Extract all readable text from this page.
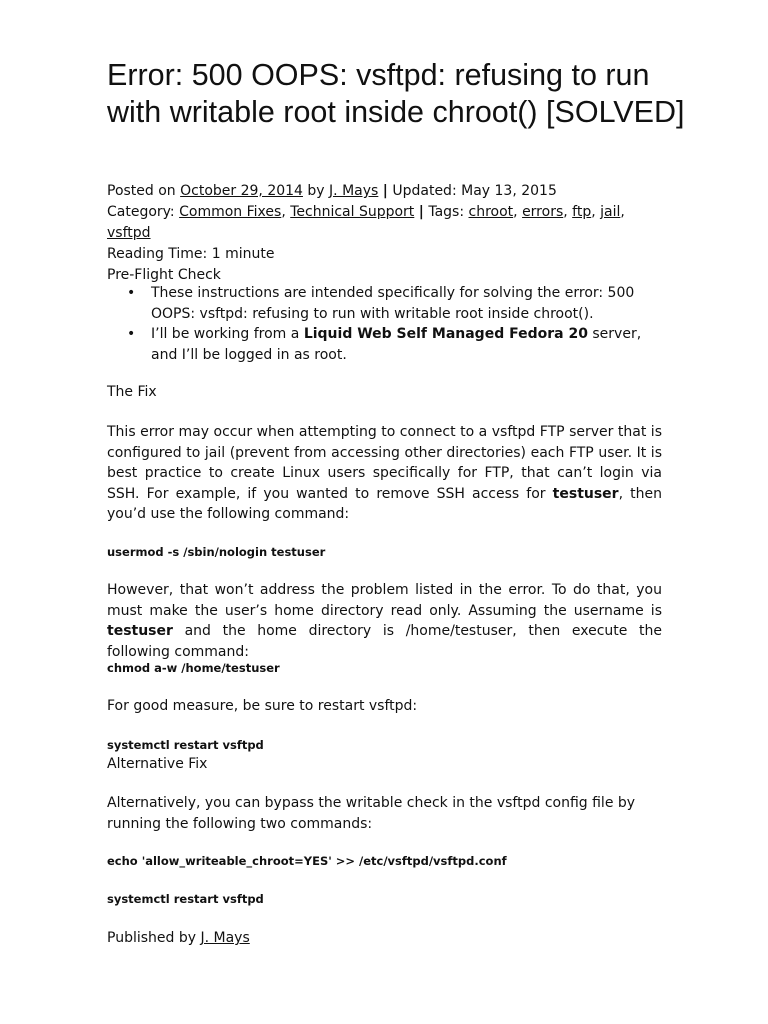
Error: 500 OOPS: vsftpd: refusing to run with writable root inside chroot() [SOLVED]
Posted on October 29, 2014 by J. Mays | Updated: May 13, 2015
Category: Common Fixes, Technical Support | Tags: chroot, errors, ftp, jail, vsftpd
Reading Time: 1 minute
Pre-Flight Check
• These instructions are intended specifically for solving the error: 500 OOPS: vsftpd: refusing to run with writable root inside chroot().
• I’ll be working from a Liquid Web Self Managed Fedora 20 server, and I’ll be logged in as root.

The Fix

This error may occur when attempting to connect to a vsftpd FTP server that is configured to jail (prevent from accessing other directories) each FTP user. It is best practice to create Linux users specifically for FTP, that can’t login via SSH. For example, if you wanted to remove SSH access for testuser, then you’d use the following command:

usermod -s /sbin/nologin testuser

However, that won’t address the problem listed in the error. To do that, you must make the user’s home directory read only. Assuming the username is testuser and the home directory is /home/testuser, then execute the following command:

chmod a-w /home/testuser

For good measure, be sure to restart vsftpd:

systemctl restart vsftpd

Alternative Fix

Alternatively, you can bypass the writable check in the vsftpd config file by running the following two commands:

echo 'allow_writeable_chroot=YES' >> /etc/vsftpd/vsftpd.conf

systemctl restart vsftpd

Published by J. Mays
